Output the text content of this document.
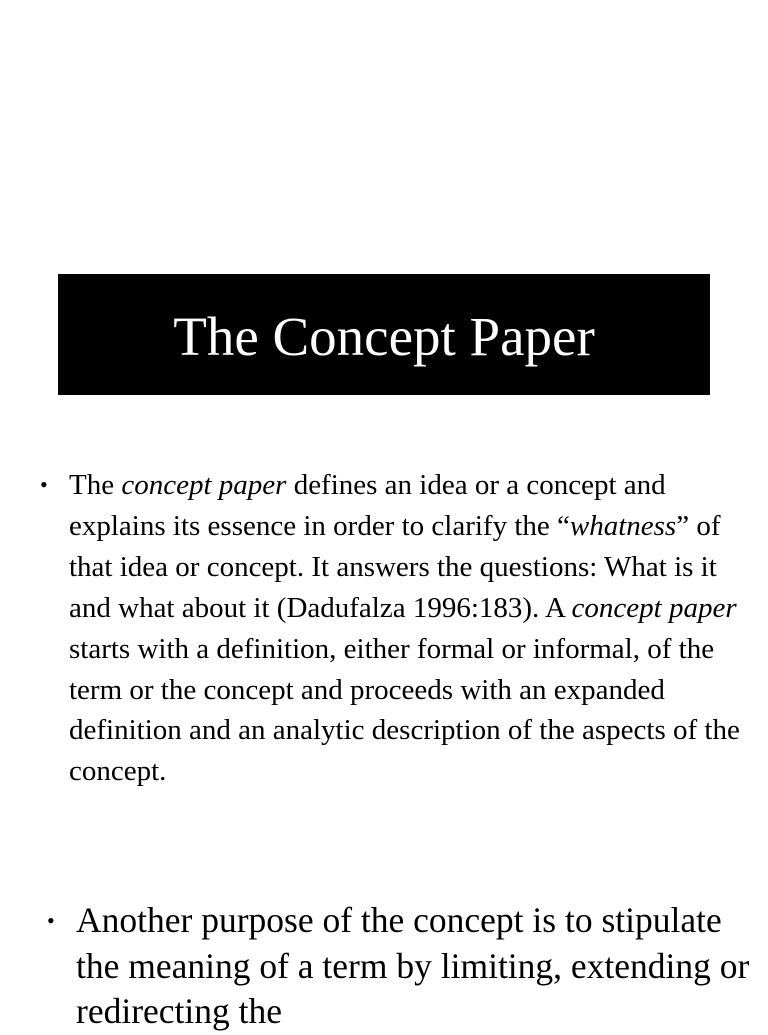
The Concept Paper
• The concept paper defines an idea or a concept and explains its essence in order to clarify the “whatness” of that idea or concept. It answers the questions: What is it and what about it (Dadufalza 1996:183). A concept paper starts with a definition, either formal or informal, of the term or the concept and proceeds with an expanded definition and an analytic description of the aspects of the concept.
• Another purpose of the concept is to stipulate the meaning of a term by limiting, extending or redirecting the
